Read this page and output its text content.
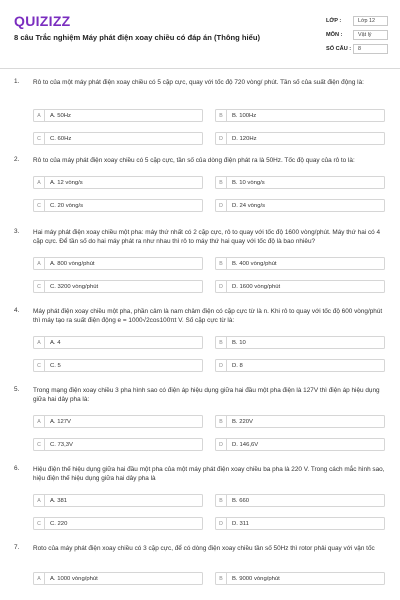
QUIZIZZ
8 câu Trắc nghiệm Máy phát điện xoay chiều có đáp án (Thông hiểu)
LỚP :	Lớp 12
MÔN :	Vật lý
SỐ CÂU :	8
1. Rô to của một máy phát điện xoay chiều có 5 cặp cực, quay với tốc độ 720 vòng/ phút. Tần số của suất điện động là:
A	A. 50Hz	B	B. 100Hz
C	C. 60Hz	D	D. 120Hz
2. Rô to của máy phát điện xoay chiều có 5 cặp cực, tần số của dòng điện phát ra là 50Hz. Tốc độ quay của rô to là:
A	A. 12 vòng/s	B	B. 10 vòng/s
C	C. 20 vòng/s	D	D. 24 vòng/s
3. Hai máy phát điện xoay chiều một pha: máy thứ nhất có 2 cặp cực, rô to quay với tốc độ 1600 vòng/phút. Máy thứ hai có 4 cặp cực. Để tần số do hai máy phát ra như nhau thì rô to máy thứ hai quay với tốc độ là bao nhiêu?
A	A. 800 vòng/phút	B	B. 400 vòng/phút
C	C. 3200 vòng/phút	D	D. 1600 vòng/phút
4. Máy phát điện xoay chiều một pha, phần cảm là nam châm điện có cặp cực từ là n. Khi rô to quay với tốc độ 600 vòng/phút thì máy tạo ra suất điện động e = 1000√2cos100πt V. Số cặp cực từ là:
A	A. 4	B	B. 10
C	C. 5	D	D. 8
5. Trong mạng điện xoay chiều 3 pha hình sao có điện áp hiệu dụng giữa hai đầu một pha điện là 127V thì điện áp hiệu dụng giữa hai dây pha là:
A	A. 127V	B	B. 220V
C	C. 73,3V	D	D. 146,6V
6. Hiệu điện thế hiệu dụng giữa hai đầu một pha của một máy phát điện xoay chiều ba pha là 220 V. Trong cách mắc hình sao, hiệu điện thế hiệu dụng giữa hai dây pha là
A	A. 381	B	B. 660
C	C. 220	D	D. 311
7. Roto của máy phát điện xoay chiều có 3 cặp cực, để có dòng điện xoay chiều tần số 50Hz thì rotor phải quay với vận tốc
A	A. 1000 vòng/phút	B	B. 9000 vòng/phút
